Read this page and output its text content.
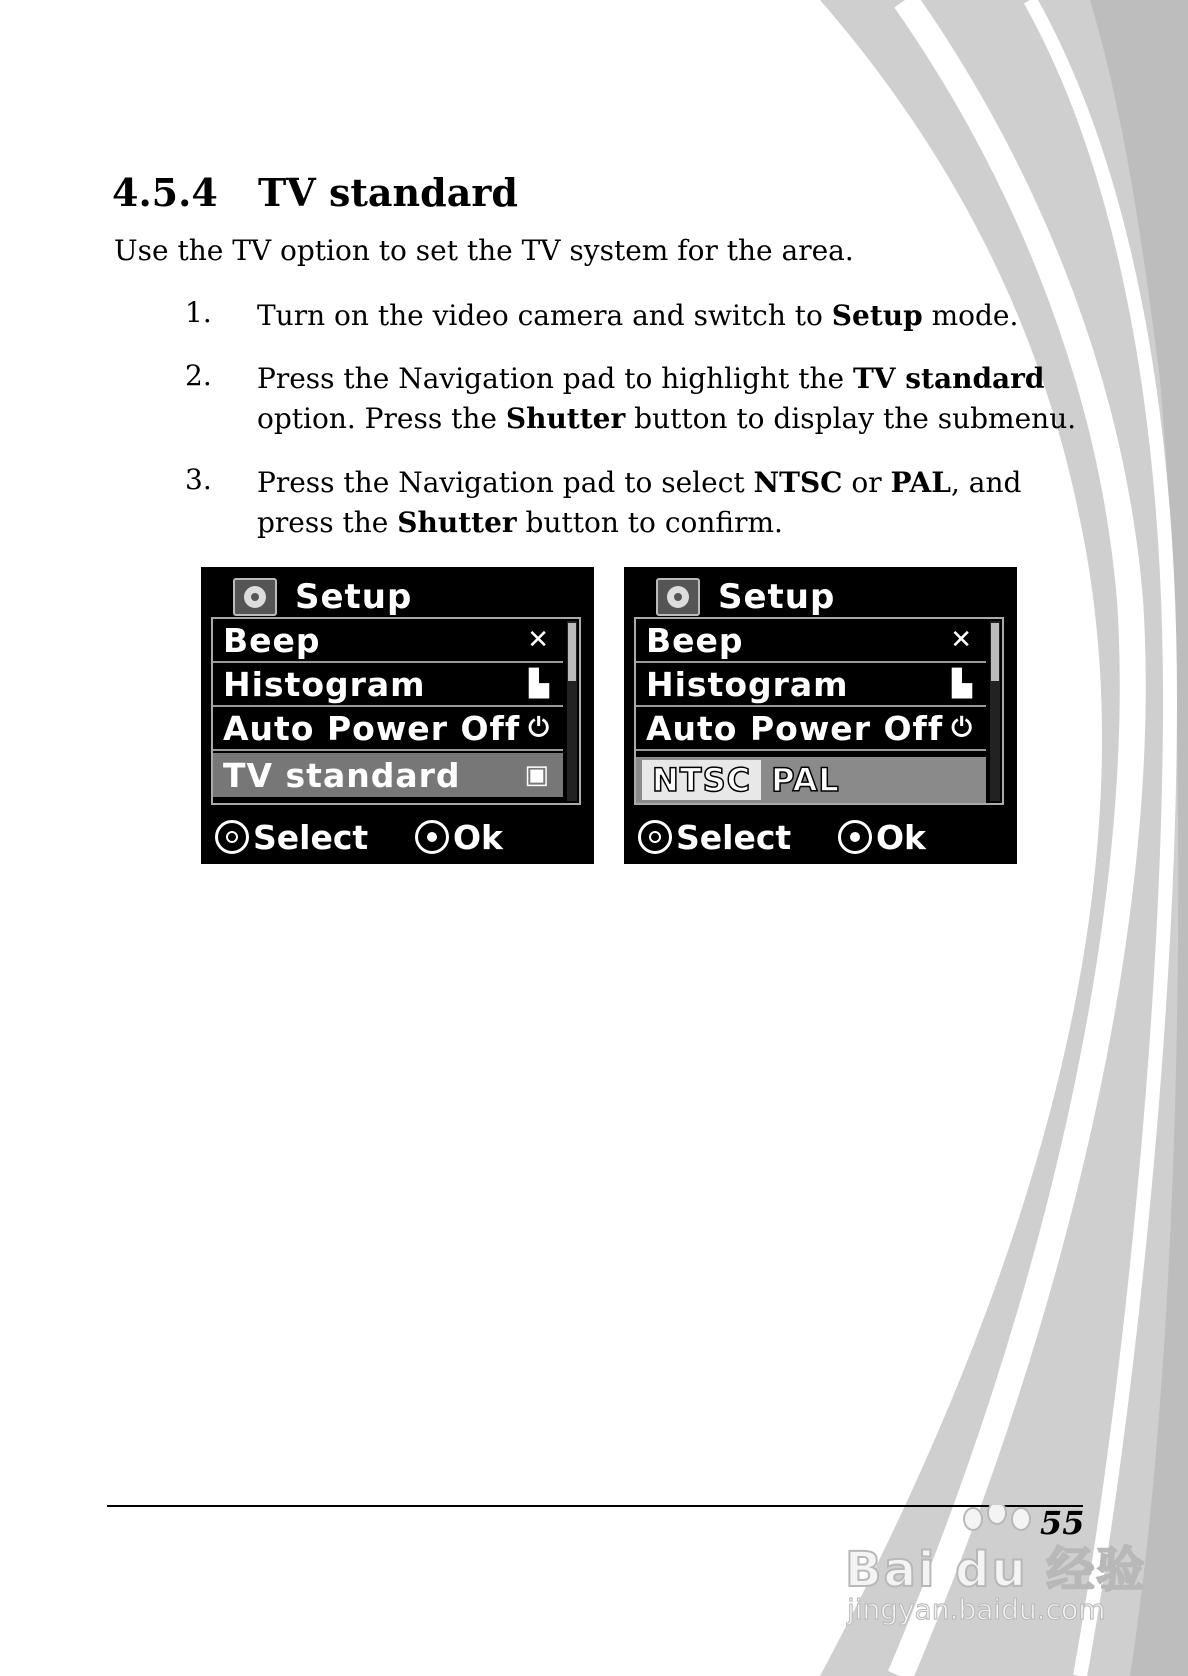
4.5.4 TV standard
Use the TV option to set the TV system for the area.
1. Turn on the video camera and switch to Setup mode.
2. Press the Navigation pad to highlight the TV standard option. Press the Shutter button to display the submenu.
3. Press the Navigation pad to select NTSC or PAL, and press the Shutter button to confirm.
Setup
Beep	✕
Histogram	▙
Auto Power Off ⏻
TV standard ▣
Select	Ok
Setup
Beep	✕
Histogram	▙
Auto Power Off ⏻
NTSC PAL
Select	Ok
Bai du 经验
jingyan.baidu.com
55
